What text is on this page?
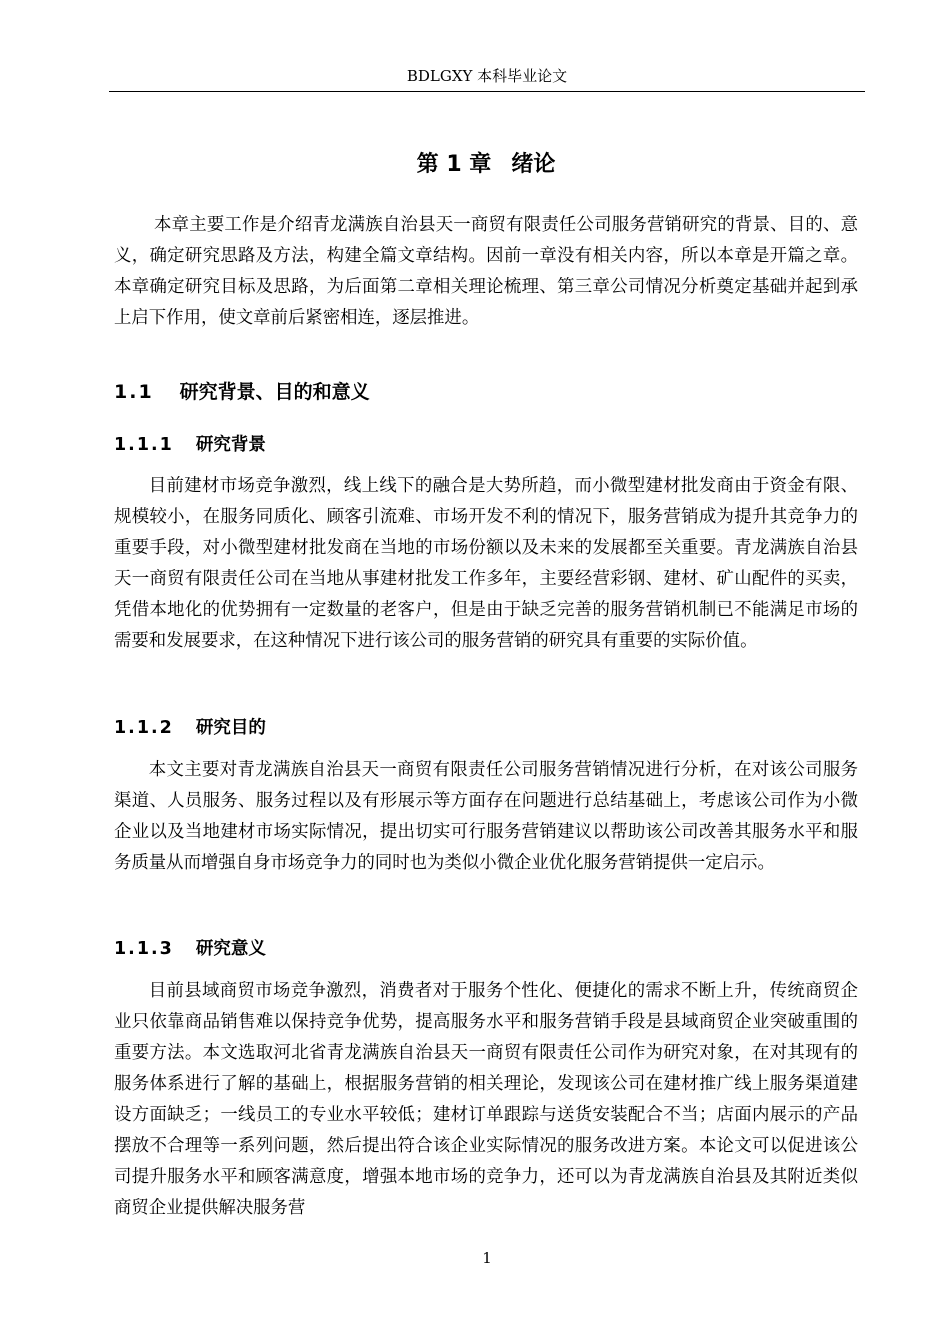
BDLGXY 本科毕业论文
第 1 章 绪论

本章主要工作是介绍青龙满族自治县天一商贸有限责任公司服务营销研究的背景、目的、意义，确定研究思路及方法，构建全篇文章结构。因前一章没有相关内容，所以本章是开篇之章。本章确定研究目标及思路，为后面第二章相关理论梳理、第三章公司情况分析奠定基础并起到承上启下作用，使文章前后紧密相连，逐层推进。

1.1 研究背景、目的和意义
1.1.1 研究背景

目前建材市场竞争激烈，线上线下的融合是大势所趋，而小微型建材批发商由于资金有限、规模较小，在服务同质化、顾客引流难、市场开发不利的情况下，服务营销成为提升其竞争力的重要手段，对小微型建材批发商在当地的市场份额以及未来的发展都至关重要。青龙满族自治县天一商贸有限责任公司在当地从事建材批发工作多年，主要经营彩钢、建材、矿山配件的买卖，凭借本地化的优势拥有一定数量的老客户，但是由于缺乏完善的服务营销机制已不能满足市场的需要和发展要求，在这种情况下进行该公司的服务营销的研究具有重要的实际价值。

1.1.2 研究目的

本文主要对青龙满族自治县天一商贸有限责任公司服务营销情况进行分析，在对该公司服务渠道、人员服务、服务过程以及有形展示等方面存在问题进行总结基础上，考虑该公司作为小微企业以及当地建材市场实际情况，提出切实可行服务营销建议以帮助该公司改善其服务水平和服务质量从而增强自身市场竞争力的同时也为类似小微企业优化服务营销提供一定启示。

1.1.3 研究意义

目前县域商贸市场竞争激烈，消费者对于服务个性化、便捷化的需求不断上升，传统商贸企业只依靠商品销售难以保持竞争优势，提高服务水平和服务营销手段是县域商贸企业突破重围的重要方法。本文选取河北省青龙满族自治县天一商贸有限责任公司作为研究对象，在对其现有的服务体系进行了解的基础上，根据服务营销的相关理论，发现该公司在建材推广线上服务渠道建设方面缺乏；一线员工的专业水平较低；建材订单跟踪与送货安装配合不当；店面内展示的产品摆放不合理等一系列问题，然后提出符合该企业实际情况的服务改进方案。本论文可以促进该公司提升服务水平和顾客满意度，增强本地市场的竞争力，还可以为青龙满族自治县及其附近类似商贸企业提供解决服务营

1
